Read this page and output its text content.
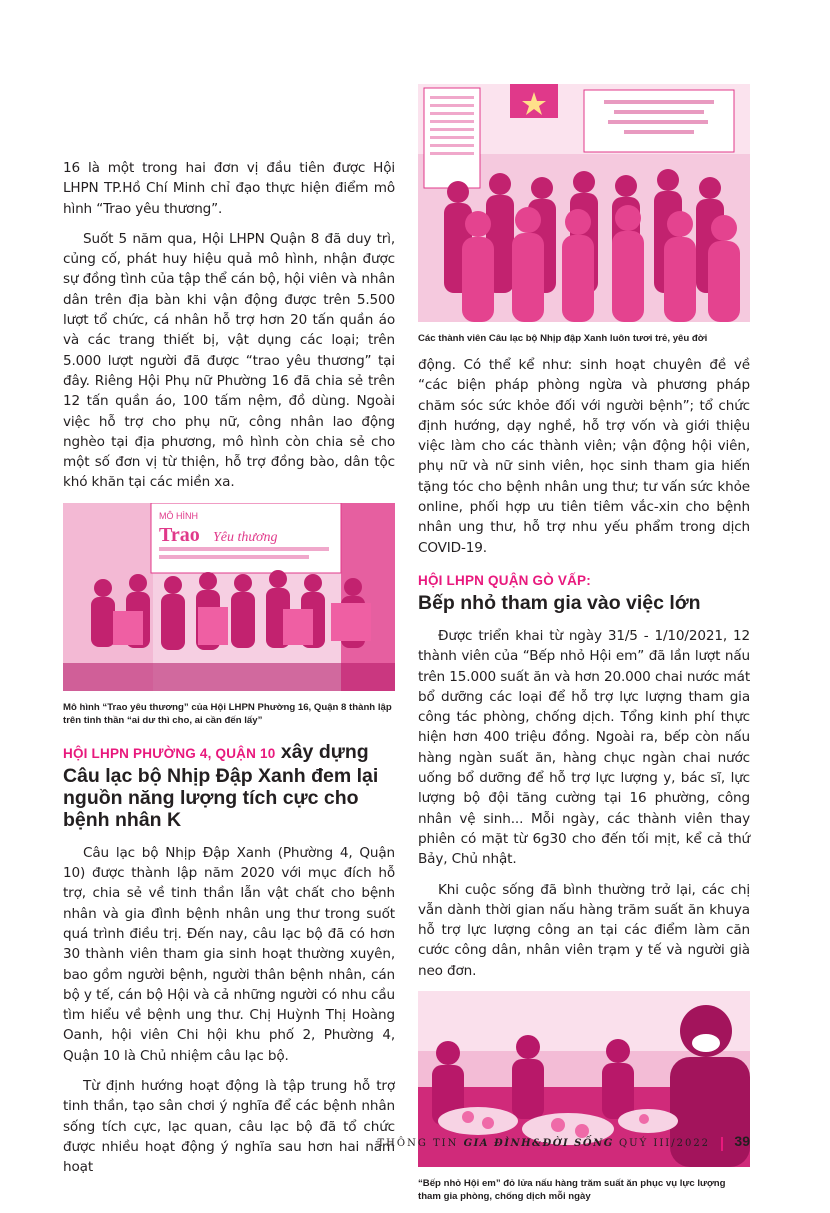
16 là một trong hai đơn vị đầu tiên được Hội LHPN TP.Hồ Chí Minh chỉ đạo thực hiện điểm mô hình “Trao yêu thương”.

Suốt 5 năm qua, Hội LHPN Quận 8 đã duy trì, củng cố, phát huy hiệu quả mô hình, nhận được sự đồng tình của tập thể cán bộ, hội viên và nhân dân trên địa bàn khi vận động được trên 5.500 lượt tổ chức, cá nhân hỗ trợ hơn 20 tấn quần áo và các trang thiết bị, vật dụng các loại; trên 5.000 lượt người đã được “trao yêu thương” tại đây. Riêng Hội Phụ nữ Phường 16 đã chia sẻ trên 12 tấn quần áo, 100 tấm nệm, đồ dùng. Ngoài việc hỗ trợ cho phụ nữ, công nhân lao động nghèo tại địa phương, mô hình còn chia sẻ cho một số đơn vị từ thiện, hỗ trợ đồng bào, dân tộc khó khăn tại các miền xa.

MÔ HÌNH
Trao Yêu thương
Mô hình “Trao yêu thương” của Hội LHPN Phường 16, Quận 8 thành lập trên tinh thần “ai dư thì cho, ai cần đến lấy”
HỘI LHPN PHƯỜNG 4, QUẬN 10 xây dựng
Câu lạc bộ Nhịp Đập Xanh đem lại nguồn năng lượng tích cực cho bệnh nhân K

Câu lạc bộ Nhịp Đập Xanh (Phường 4, Quận 10) được thành lập năm 2020 với mục đích hỗ trợ, chia sẻ về tinh thần lẫn vật chất cho bệnh nhân và gia đình bệnh nhân ung thư trong suốt quá trình điều trị. Đến nay, câu lạc bộ đã có hơn 30 thành viên tham gia sinh hoạt thường xuyên, bao gồm người bệnh, người thân bệnh nhân, cán bộ y tế, cán bộ Hội và cả những người có nhu cầu tìm hiểu về bệnh ung thư. Chị Huỳnh Thị Hoàng Oanh, hội viên Chi hội khu phố 2, Phường 4, Quận 10 là Chủ nhiệm câu lạc bộ.

Từ định hướng hoạt động là tập trung hỗ trợ tinh thần, tạo sân chơi ý nghĩa để các bệnh nhân sống tích cực, lạc quan, câu lạc bộ đã tổ chức được nhiều hoạt động ý nghĩa sau hơn hai năm hoạt

Các thành viên Câu lạc bộ Nhịp đập Xanh luôn tươi trẻ, yêu đời

động. Có thể kể như: sinh hoạt chuyên đề về “các biện pháp phòng ngừa và phương pháp chăm sóc sức khỏe đối với người bệnh”; tổ chức định hướng, dạy nghề, hỗ trợ vốn và giới thiệu việc làm cho các thành viên; vận động hội viên, phụ nữ và nữ sinh viên, học sinh tham gia hiến tặng tóc cho bệnh nhân ung thư; tư vấn sức khỏe online, phối hợp ưu tiên tiêm vắc-xin cho bệnh nhân ung thư, hỗ trợ nhu yếu phẩm trong dịch COVID-19.

HỘI LHPN QUẬN GÒ VẤP:
Bếp nhỏ tham gia vào việc lớn

Được triển khai từ ngày 31/5 - 1/10/2021, 12 thành viên của “Bếp nhỏ Hội em” đã lần lượt nấu trên 15.000 suất ăn và hơn 20.000 chai nước mát bổ dưỡng các loại để hỗ trợ lực lượng tham gia công tác phòng, chống dịch. Tổng kinh phí thực hiện hơn 400 triệu đồng. Ngoài ra, bếp còn nấu hàng ngàn suất ăn, hàng chục ngàn chai nước uống bổ dưỡng để hỗ trợ lực lượng y, bác sĩ, lực lượng bộ đội tăng cường tại 16 phường, công nhân vệ sinh... Mỗi ngày, các thành viên thay phiên có mặt từ 6g30 cho đến tối mịt, kể cả thứ Bảy, Chủ nhật.

Khi cuộc sống đã bình thường trở lại, các chị vẫn dành thời gian nấu hàng trăm suất ăn khuya hỗ trợ lực lượng công an tại các điểm làm căn cước công dân, nhân viên trạm y tế và người già neo đơn.

“Bếp nhỏ Hội em” đỏ lửa nấu hàng trăm suất ăn phục vụ lực lượng tham gia phòng, chống dịch mỗi ngày
THÔNG TIN GIA ĐÌNH&ĐỜI SỐNG QUÝ III/2022 39
